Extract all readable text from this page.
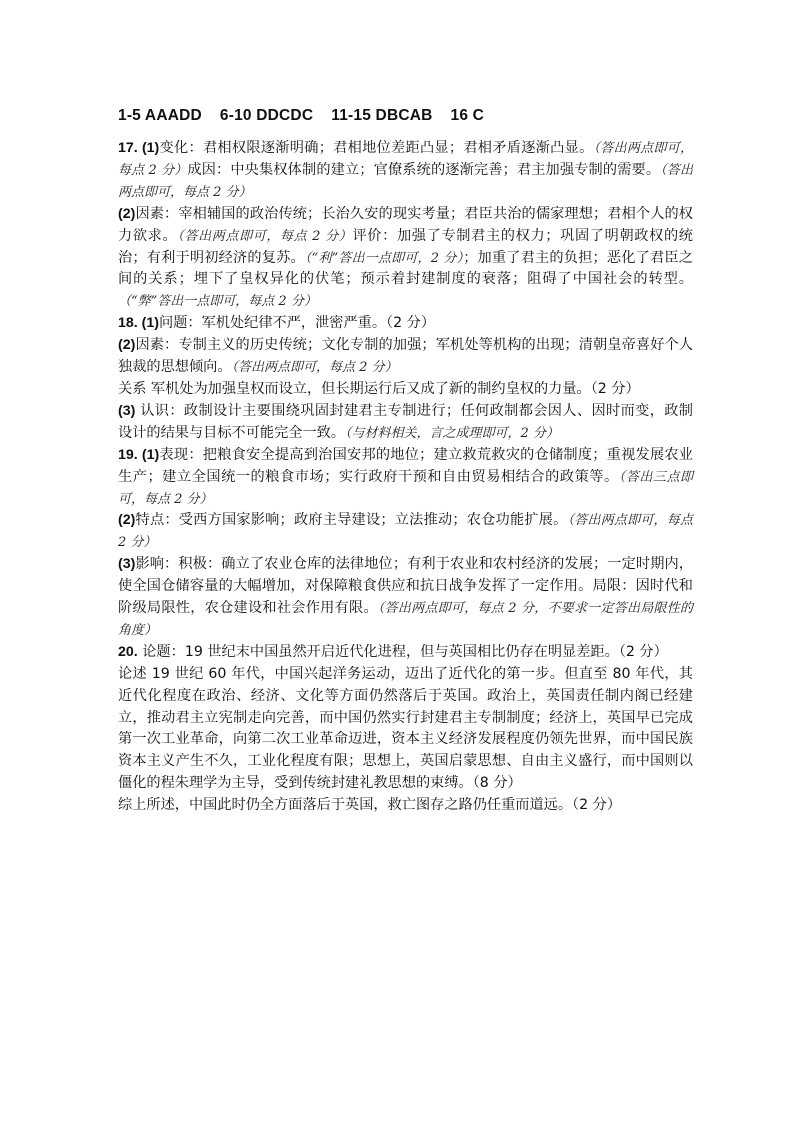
1-5 AAADD    6-10 DDCDC    11-15 DBCAB    16 C

17. (1)变化：君相权限逐渐明确；君相地位差距凸显；君相矛盾逐渐凸显。（答出两点即可，每点 2 分）成因：中央集权体制的建立；官僚系统的逐渐完善；君主加强专制的需要。（答出两点即可，每点 2 分）

(2)因素：宰相辅国的政治传统；长治久安的现实考量；君臣共治的儒家理想；君相个人的权力欲求。（答出两点即可，每点 2 分）评价：加强了专制君主的权力；巩固了明朝政权的统治；有利于明初经济的复苏。（“利”答出一点即可，2 分）；加重了君主的负担；恶化了君臣之间的关系；埋下了皇权异化的伏笔；预示着封建制度的衰落；阻碍了中国社会的转型。（“弊”答出一点即可，每点 2 分）

18. (1)问题：军机处纪律不严，泄密严重。（2 分）

(2)因素：专制主义的历史传统；文化专制的加强；军机处等机构的出现；清朝皇帝喜好个人独裁的思想倾向。（答出两点即可，每点 2 分）

关系 军机处为加强皇权而设立，但长期运行后又成了新的制约皇权的力量。（2 分）

(3) 认识：政制设计主要围绕巩固封建君主专制进行；任何政制都会因人、因时而变，政制设计的结果与目标不可能完全一致。（与材料相关，言之成理即可，2 分）

19. (1)表现：把粮食安全提高到治国安邦的地位；建立救荒救灾的仓储制度；重视发展农业生产；建立全国统一的粮食市场；实行政府干预和自由贸易相结合的政策等。（答出三点即可，每点 2 分）

(2)特点：受西方国家影响；政府主导建设；立法推动；农仓功能扩展。（答出两点即可，每点 2 分）

(3)影响：积极：确立了农业仓库的法律地位；有利于农业和农村经济的发展；一定时期内，使全国仓储容量的大幅增加，对保障粮食供应和抗日战争发挥了一定作用。局限：因时代和阶级局限性，农仓建设和社会作用有限。（答出两点即可，每点 2 分，不要求一定答出局限性的角度）

20. 论题：19 世纪末中国虽然开启近代化进程，但与英国相比仍存在明显差距。（2 分）

论述 19 世纪 60 年代，中国兴起洋务运动，迈出了近代化的第一步。但直至 80 年代，其近代化程度在政治、经济、文化等方面仍然落后于英国。政治上，英国责任制内阁已经建立，推动君主立宪制走向完善，而中国仍然实行封建君主专制制度；经济上，英国早已完成第一次工业革命，向第二次工业革命迈进，资本主义经济发展程度仍领先世界，而中国民族资本主义产生不久，工业化程度有限；思想上，英国启蒙思想、自由主义盛行，而中国则以僵化的程朱理学为主导，受到传统封建礼教思想的束缚。（8 分）

综上所述，中国此时仍全方面落后于英国，救亡图存之路仍任重而道远。（2 分）
